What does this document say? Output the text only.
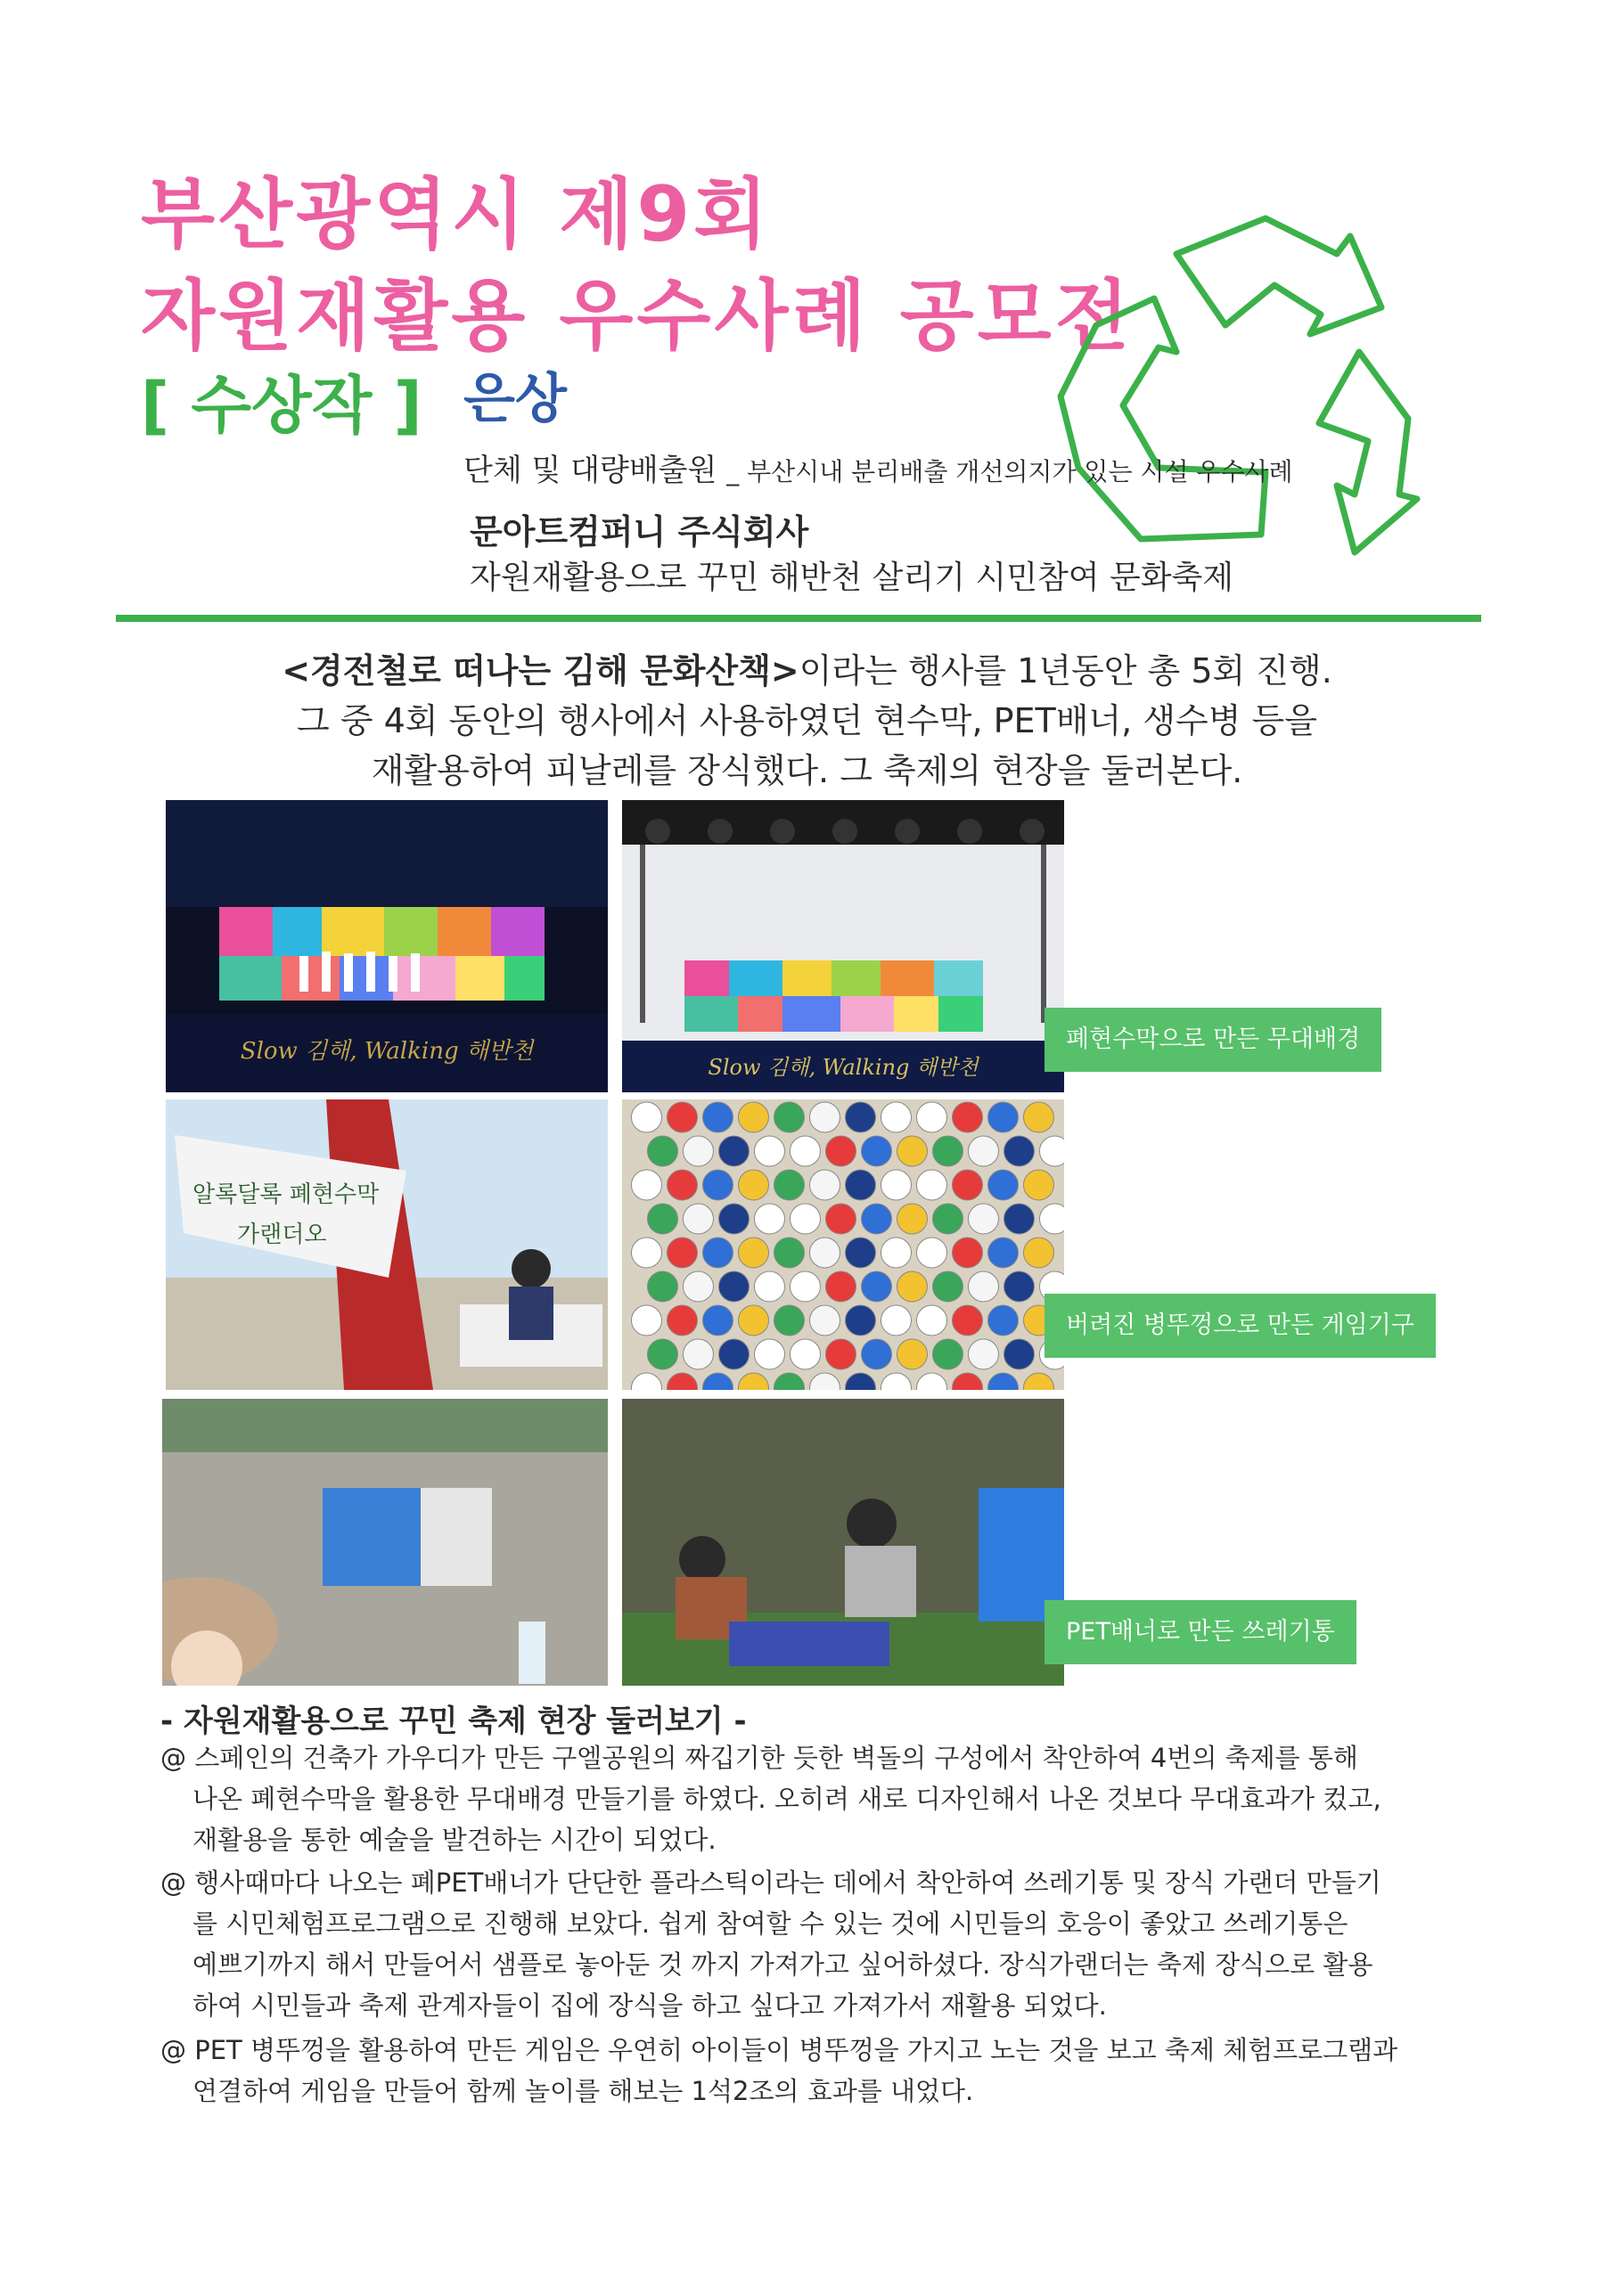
부산광역시 제9회
자원재활용 우수사례 공모전
[ 수상작 ] 은상
단체 및 대량배출원 _ 부산시내 분리배출 개선의지가 있는 시설 우수사례
문아트컴퍼니 주식회사
자원재활용으로 꾸민 해반천 살리기 시민참여 문화축제
<경전철로 떠나는 김해 문화산책>이라는 행사를 1년동안 총 5회 진행.
그 중 4회 동안의 행사에서 사용하였던 현수막, PET배너, 생수병 등을
재활용하여 피날레를 장식했다. 그 축제의 현장을 둘러본다.
Slow 김해, Walking 해반천
Slow 김해, Walking 해반천
알록달록 폐현수막
가랜더오
폐현수막으로 만든 무대배경
버려진 병뚜껑으로 만든 게임기구
PET배너로 만든 쓰레기통
- 자원재활용으로 꾸민 축제 현장 둘러보기 -
@ 스페인의 건축가 가우디가 만든 구엘공원의 짜깁기한 듯한 벽돌의 구성에서 착안하여 4번의 축제를 통해
나온 폐현수막을 활용한 무대배경 만들기를 하였다. 오히려 새로 디자인해서 나온 것보다 무대효과가 컸고,
재활용을 통한 예술을 발견하는 시간이 되었다.
@ 행사때마다 나오는 폐PET배너가 단단한 플라스틱이라는 데에서 착안하여 쓰레기통 및 장식 가랜더 만들기
를 시민체험프로그램으로 진행해 보았다. 쉽게 참여할 수 있는 것에 시민들의 호응이 좋았고 쓰레기통은
예쁘기까지 해서 만들어서 샘플로 놓아둔 것 까지 가져가고 싶어하셨다. 장식가랜더는 축제 장식으로 활용
하여 시민들과 축제 관계자들이 집에 장식을 하고 싶다고 가져가서 재활용 되었다.
@ PET 병뚜껑을 활용하여 만든 게임은 우연히 아이들이 병뚜껑을 가지고 노는 것을 보고 축제 체험프로그램과
연결하여 게임을 만들어 함께 놀이를 해보는 1석2조의 효과를 내었다.
